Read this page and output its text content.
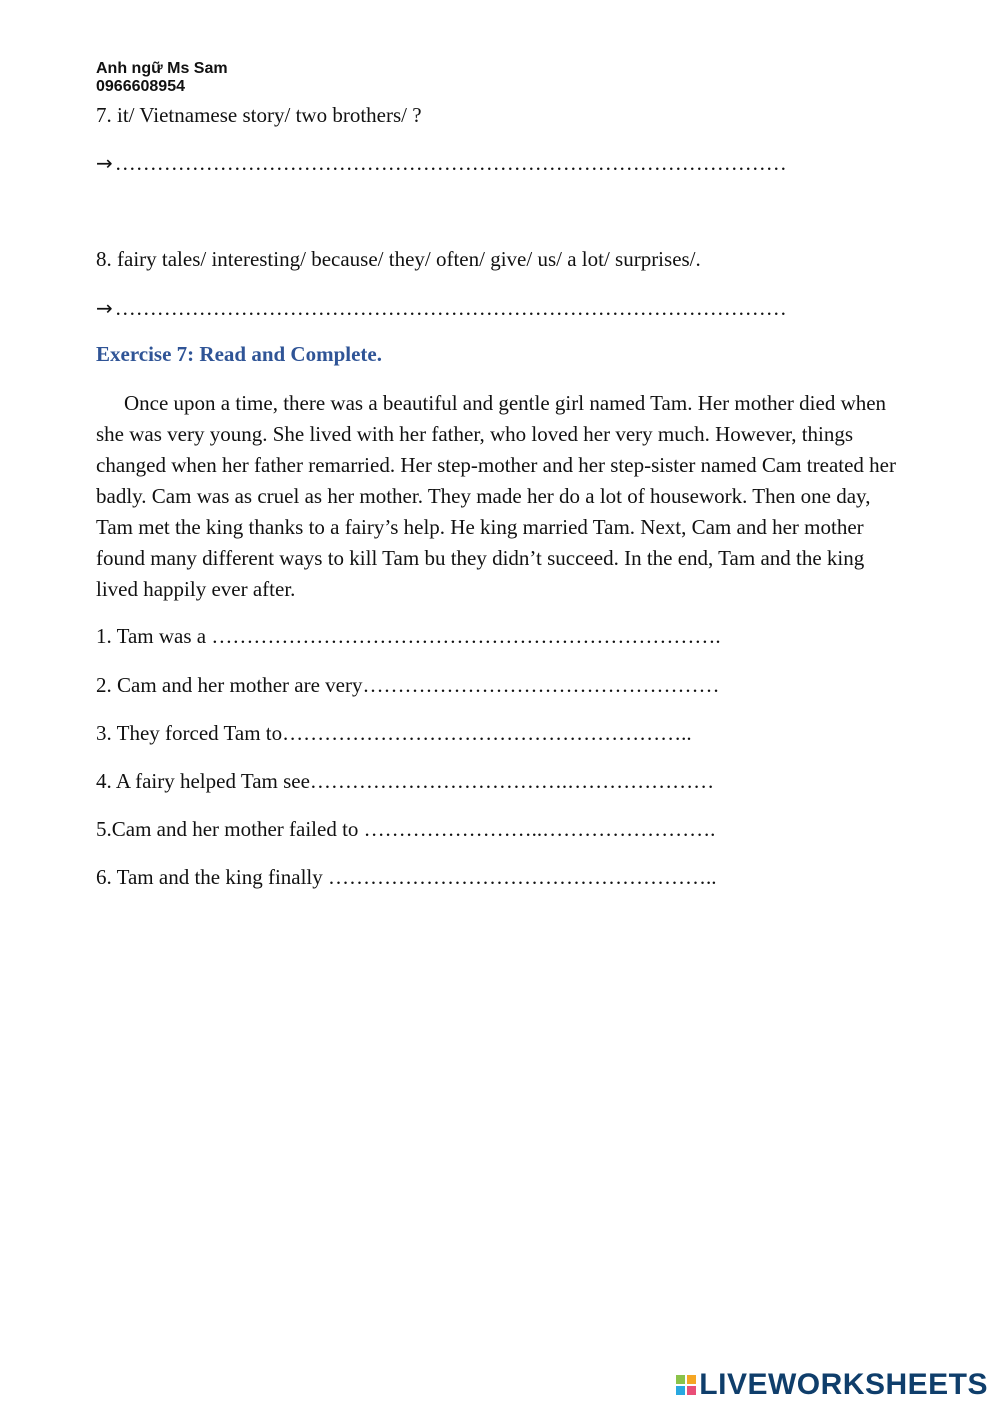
Anh ngữ Ms Sam
0966608954
7. it/ Vietnamese story/ two brothers/ ?
→……………………………………………………………………………………
8. fairy tales/ interesting/ because/ they/ often/ give/ us/ a lot/ surprises/.
→……………………………………………………………………………………
Exercise 7: Read and Complete.

Once upon a time, there was a beautiful and gentle girl named Tam. Her mother died when she was very young. She lived with her father, who loved her very much. However, things changed when her father remarried. Her step-mother and her step-sister named Cam treated her badly. Cam was as cruel as her mother. They made her do a lot of housework. Then one day, Tam met the king thanks to a fairy’s help. He king married Tam. Next, Cam and her mother found many different ways to kill Tam bu they didn’t succeed. In the end, Tam and the king lived happily ever after.

1. Tam was a ……………………………………………………………….
2. Cam and her mother are very……………………………………………
3. They forced Tam to…………………………………………………..
4. A fairy helped Tam see……………………………….…………………
5.Cam and her mother failed to ……………………..…………………….
6. Tam and the king finally ………………………………………………..
LIVEWORKSHEETS
